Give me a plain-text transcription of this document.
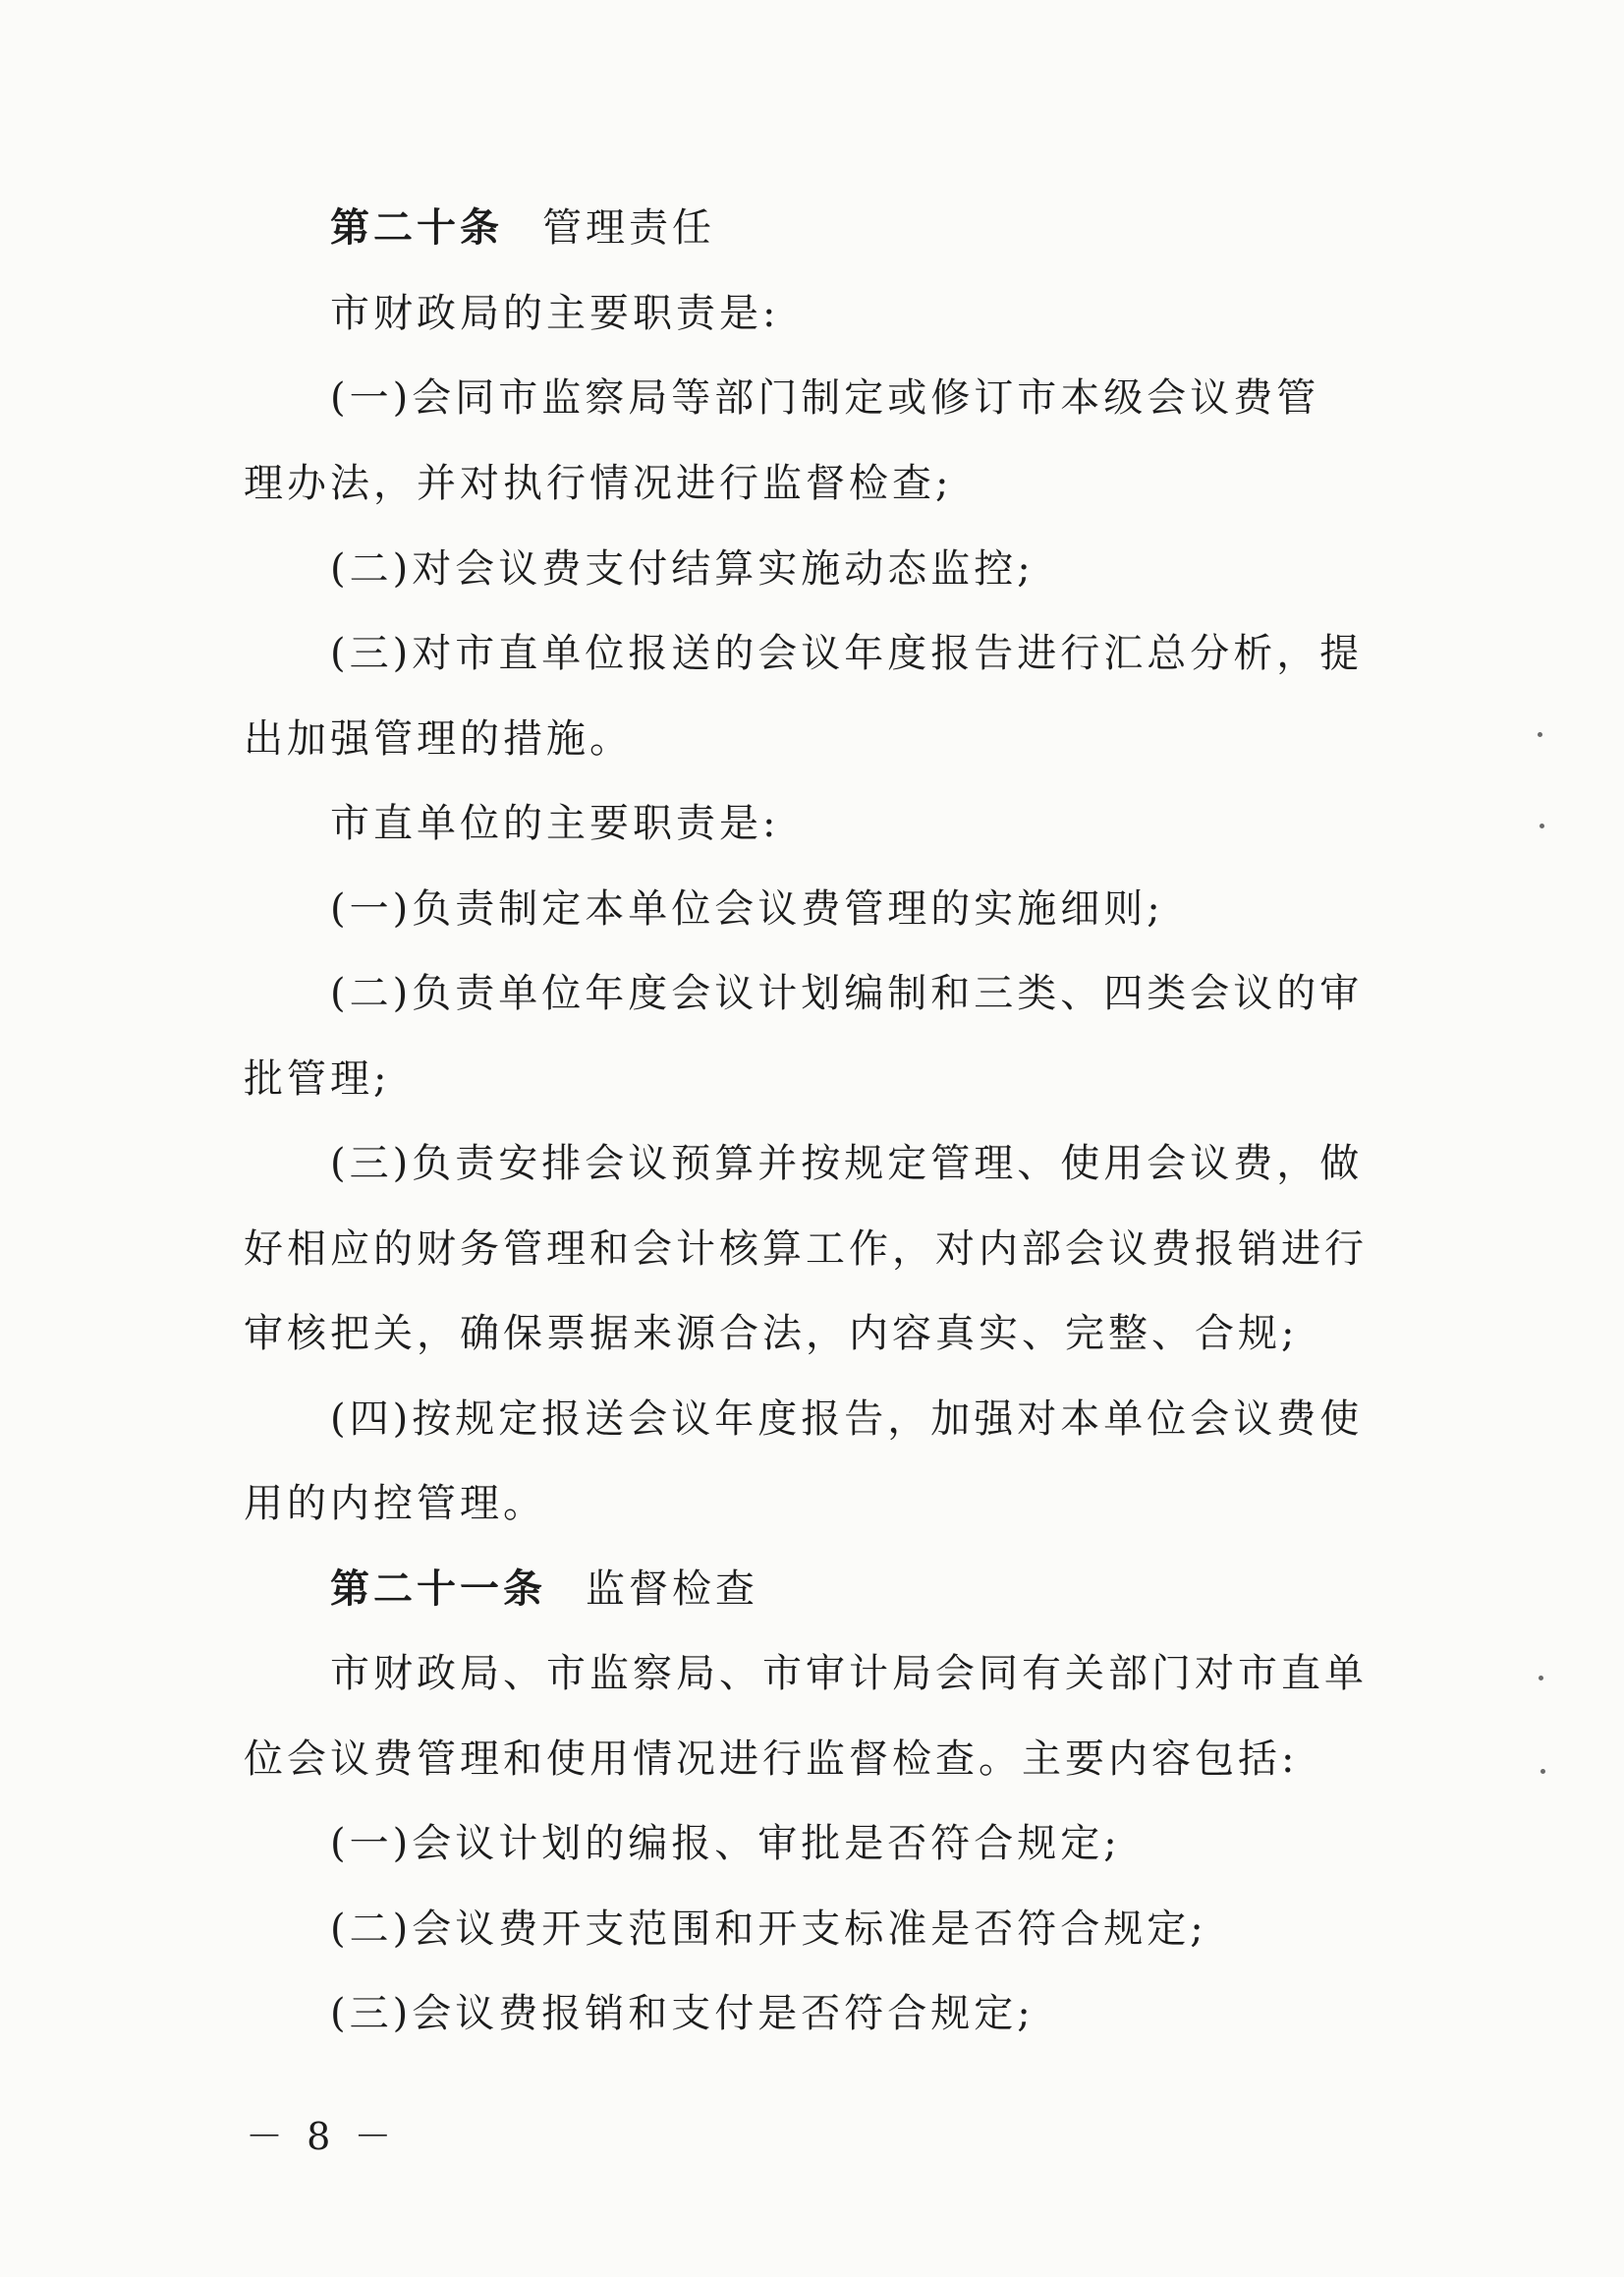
第二十条 管理责任
市财政局的主要职责是:
(一)会同市监察局等部门制定或修订市本级会议费管
理办法，并对执行情况进行监督检查;
(二)对会议费支付结算实施动态监控;
(三)对市直单位报送的会议年度报告进行汇总分析，提
出加强管理的措施。
市直单位的主要职责是:
(一)负责制定本单位会议费管理的实施细则;
(二)负责单位年度会议计划编制和三类、四类会议的审
批管理;
(三)负责安排会议预算并按规定管理、使用会议费，做
好相应的财务管理和会计核算工作，对内部会议费报销进行
审核把关，确保票据来源合法，内容真实、完整、合规;
(四)按规定报送会议年度报告，加强对本单位会议费使
用的内控管理。
第二十一条 监督检查
市财政局、市监察局、市审计局会同有关部门对市直单
位会议费管理和使用情况进行监督检查。主要内容包括:
(一)会议计划的编报、审批是否符合规定;
(二)会议费开支范围和开支标准是否符合规定;
(三)会议费报销和支付是否符合规定;
－ 8 －
